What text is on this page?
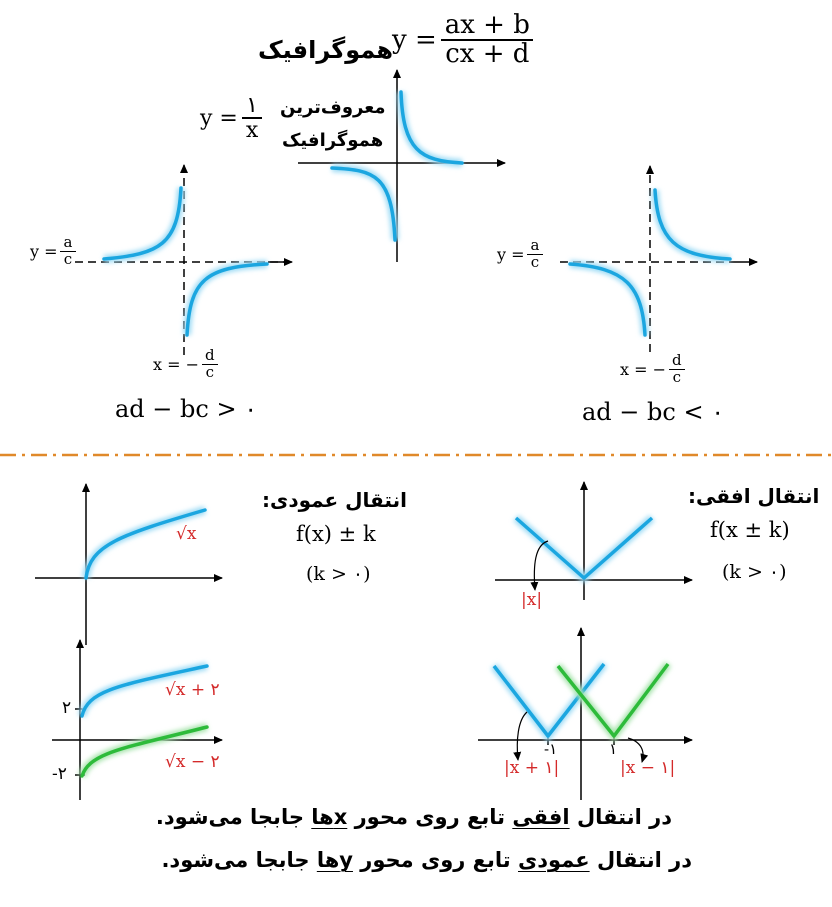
هموگرافیک $y = \frac{ax + b}{cx + d}$
$y = \frac{۱}{x}$ معروف‌ترین
هموگرافیک
$y = \frac{a}{c}$
x = − $\frac{d}{c}$
ad − bc > ۰
$y = \frac{a}{c}$
x = − $\frac{d}{c}$
ad − bc < ۰
انتقال عمودی:
f(x) ± k
(k > ۰)
√x
√x + ۲
√x − ۲
۲
-۲
انتقال افقی:
f(x ± k)
(k > ۰)
|x|
|x + ۱|	|x − ۱|
-۱	۱
در انتقال افقی تابع روی محور xها جابجا می‌شود.
در انتقال عمودی تابع روی محور yها جابجا می‌شود.
